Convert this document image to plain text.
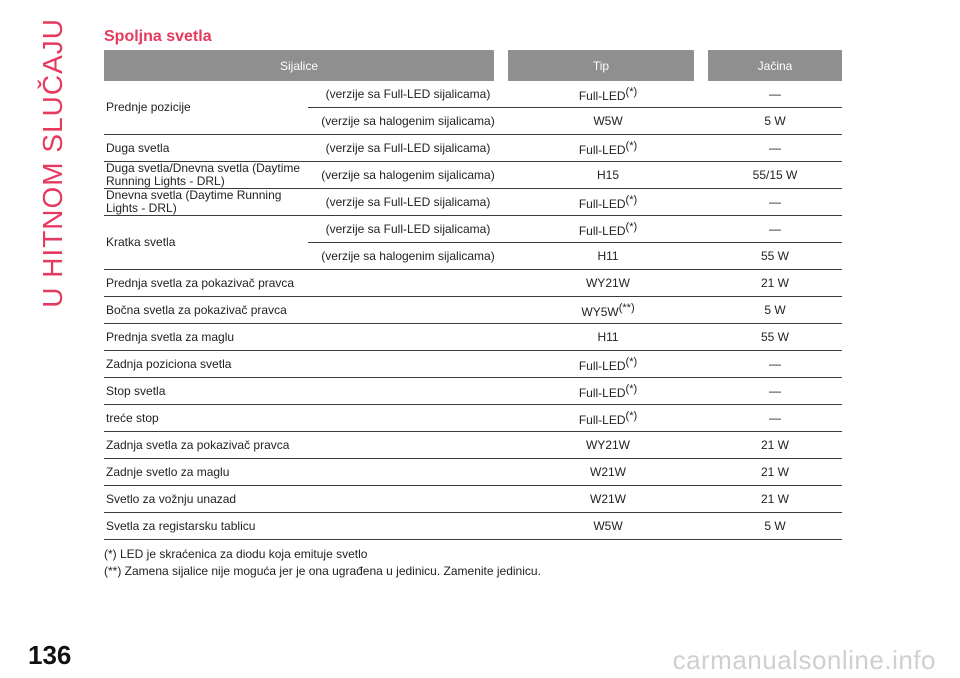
U HITNOM SLUČAJU Spoljna svetla
Sijalice	Tip	Jačina
Prednje pozicije
(verzije sa Full-LED sijalicama)	Full-LED(*)	—
(verzije sa halogenim sijalicama)	W5W	5 W
Duga svetla	(verzije sa Full-LED sijalicama)	Full-LED(*)	—
Duga svetla/Dnevna svetla (Daytime Running Lights - DRL)	(verzije sa halogenim sijalicama)	H15	55/15 W
Dnevna svetla (Daytime Running Lights - DRL)	(verzije sa Full-LED sijalicama)	Full-LED(*)	—
Kratka svetla
(verzije sa Full-LED sijalicama)	Full-LED(*)	—
(verzije sa halogenim sijalicama)	H11	55 W
Prednja svetla za pokazivač pravca	WY21W	21 W
Bočna svetla za pokazivač pravca	WY5W(**)	5 W
Prednja svetla za maglu	H11	55 W
Zadnja poziciona svetla	Full-LED(*)	—
Stop svetla	Full-LED(*)	—
treće stop	Full-LED(*)	—
Zadnja svetla za pokazivač pravca	WY21W	21 W
Zadnje svetlo za maglu	W21W	21 W
Svetlo za vožnju unazad	W21W	21 W
Svetla za registarsku tablicu	W5W	5 W
(*) LED je skraćenica za diodu koja emituje svetlo
(**) Zamena sijalice nije moguća jer je ona ugrađena u jedinicu. Zamenite jedinicu.
136	carmanualsonline.info
